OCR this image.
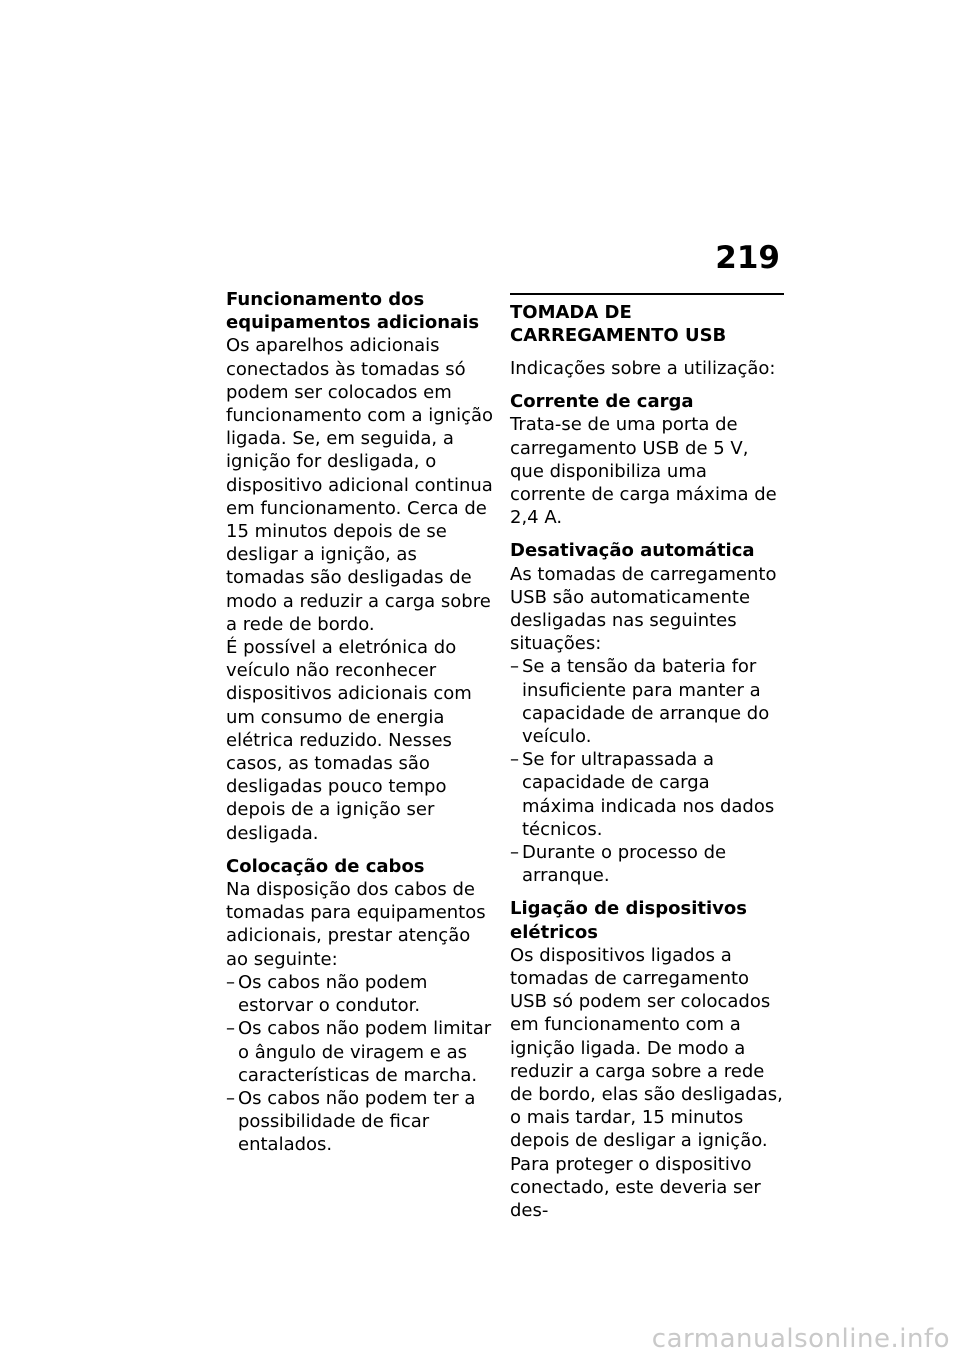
219

Funcionamento dos equipamentos adicionais

Os aparelhos adicionais conectados às tomadas só podem ser colocados em funcionamento com a ignição ligada. Se, em seguida, a ignição for desligada, o dispositivo adicional continua em funcionamento. Cerca de 15 minutos depois de se desligar a ignição, as tomadas são desligadas de modo a reduzir a carga sobre a rede de bordo.

É possível a eletrónica do veículo não reconhecer dispositivos adicionais com um consumo de energia elétrica reduzido. Nesses casos, as tomadas são desligadas pouco tempo depois de a ignição ser desligada.

Colocação de cabos

Na disposição dos cabos de tomadas para equipamentos adicionais, prestar atenção ao seguinte:

– Os cabos não podem estorvar o condutor.
– Os cabos não podem limitar o ângulo de viragem e as características de marcha.
– Os cabos não podem ter a possibilidade de ficar entalados.

TOMADA DE CARREGAMENTO USB

Indicações sobre a utilização:

Corrente de carga

Trata-se de uma porta de carregamento USB de 5 V, que disponibiliza uma corrente de carga máxima de 2,4 A.

Desativação automática

As tomadas de carregamento USB são automaticamente desligadas nas seguintes situações:

– Se a tensão da bateria for insuficiente para manter a capacidade de arranque do veículo.
– Se for ultrapassada a capacidade de carga máxima indicada nos dados técnicos.
– Durante o processo de arranque.

Ligação de dispositivos elétricos

Os dispositivos ligados a tomadas de carregamento USB só podem ser colocados em funcionamento com a ignição ligada. De modo a reduzir a carga sobre a rede de bordo, elas são desligadas, o mais tardar, 15 minutos depois de desligar a ignição.

Para proteger o dispositivo conectado, este deveria ser des-

carmanualsonline.info
